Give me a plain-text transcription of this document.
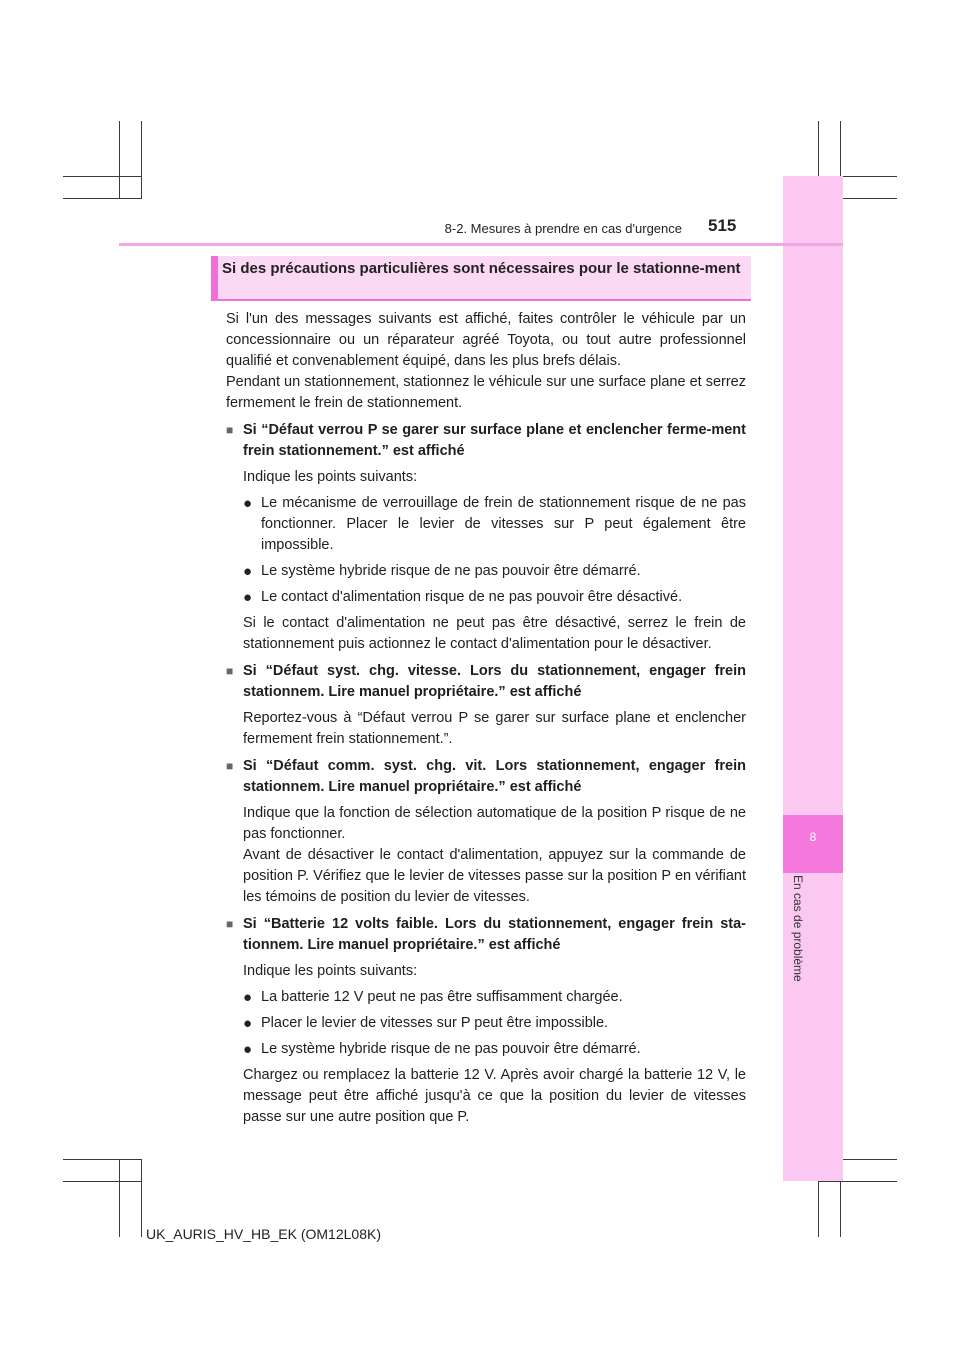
8
En cas de problème
8-2. Mesures à prendre en cas d'urgence 515
Si des précautions particulières sont nécessaires pour le stationne-ment

Si l'un des messages suivants est affiché, faites contrôler le véhicule par un concessionnaire ou un réparateur agréé Toyota, ou tout autre professionnel qualifié et convenablement équipé, dans les plus brefs délais.
Pendant un stationnement, stationnez le véhicule sur une surface plane et serrez fermement le frein de stationnement.

■ Si “Défaut verrou P se garer sur surface plane et enclencher ferme-ment frein stationnement.” est affiché

Indique les points suivants:

● Le mécanisme de verrouillage de frein de stationnement risque de ne pas fonctionner. Placer le levier de vitesses sur P peut également être impossible.
● Le système hybride risque de ne pas pouvoir être démarré.
● Le contact d'alimentation risque de ne pas pouvoir être désactivé.

Si le contact d'alimentation ne peut pas être désactivé, serrez le frein de stationnement puis actionnez le contact d'alimentation pour le désactiver.

■ Si “Défaut syst. chg. vitesse. Lors du stationnement, engager frein stationnem. Lire manuel propriétaire.” est affiché

Reportez-vous à “Défaut verrou P se garer sur surface plane et enclencher fermement frein stationnement.”.

■ Si “Défaut comm. syst. chg. vit. Lors stationnement, engager frein stationnem. Lire manuel propriétaire.” est affiché

Indique que la fonction de sélection automatique de la position P risque de ne pas fonctionner.
Avant de désactiver le contact d'alimentation, appuyez sur la commande de position P. Vérifiez que le levier de vitesses passe sur la position P en vérifiant les témoins de position du levier de vitesses.

■ Si “Batterie 12 volts faible. Lors du stationnement, engager frein sta-tionnem. Lire manuel propriétaire.” est affiché

Indique les points suivants:

● La batterie 12 V peut ne pas être suffisamment chargée.
● Placer le levier de vitesses sur P peut être impossible.
● Le système hybride risque de ne pas pouvoir être démarré.

Chargez ou remplacez la batterie 12 V. Après avoir chargé la batterie 12 V, le message peut être affiché jusqu'à ce que la position du levier de vitesses passe sur une autre position que P.

UK_AURIS_HV_HB_EK (OM12L08K)
